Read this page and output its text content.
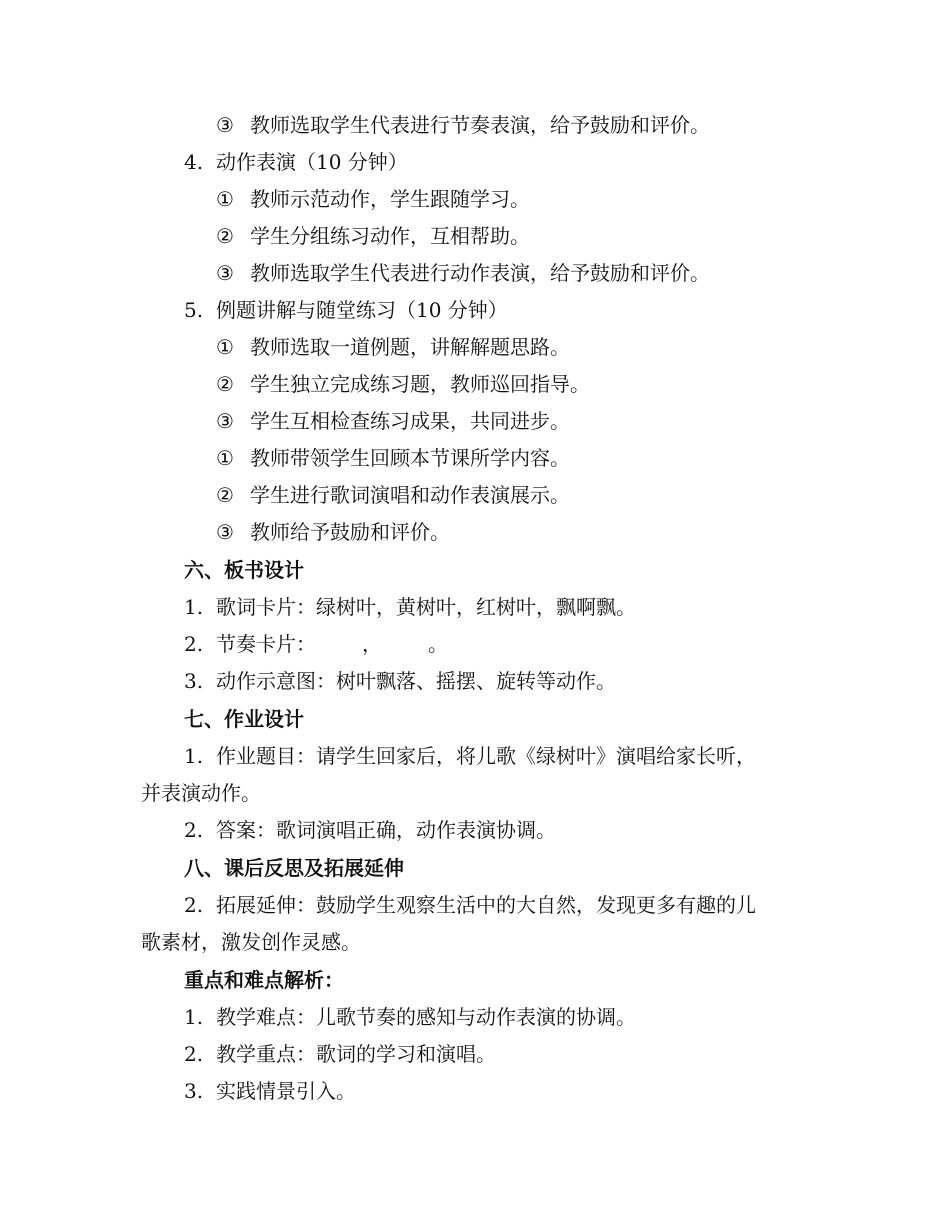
③ 教师选取学生代表进行节奏表演，给予鼓励和评价。
4. 动作表演（10 分钟）
① 教师示范动作，学生跟随学习。
② 学生分组练习动作，互相帮助。
③ 教师选取学生代表进行动作表演，给予鼓励和评价。
5. 例题讲解与随堂练习（10 分钟）
① 教师选取一道例题，讲解解题思路。
② 学生独立完成练习题，教师巡回指导。
③ 学生互相检查练习成果，共同进步。
① 教师带领学生回顾本节课所学内容。
② 学生进行歌词演唱和动作表演展示。
③ 教师给予鼓励和评价。
六、板书设计
1. 歌词卡片：绿树叶，黄树叶，红树叶，飘啊飘。
2. 节奏卡片： ， 。
3. 动作示意图：树叶飘落、摇摆、旋转等动作。
七、作业设计
1. 作业题目：请学生回家后，将儿歌《绿树叶》演唱给家长听，
并表演动作。
2. 答案：歌词演唱正确，动作表演协调。
八、课后反思及拓展延伸
2. 拓展延伸：鼓励学生观察生活中的大自然，发现更多有趣的儿
歌素材，激发创作灵感。
重点和难点解析：
1. 教学难点：儿歌节奏的感知与动作表演的协调。
2. 教学重点：歌词的学习和演唱。
3. 实践情景引入。
